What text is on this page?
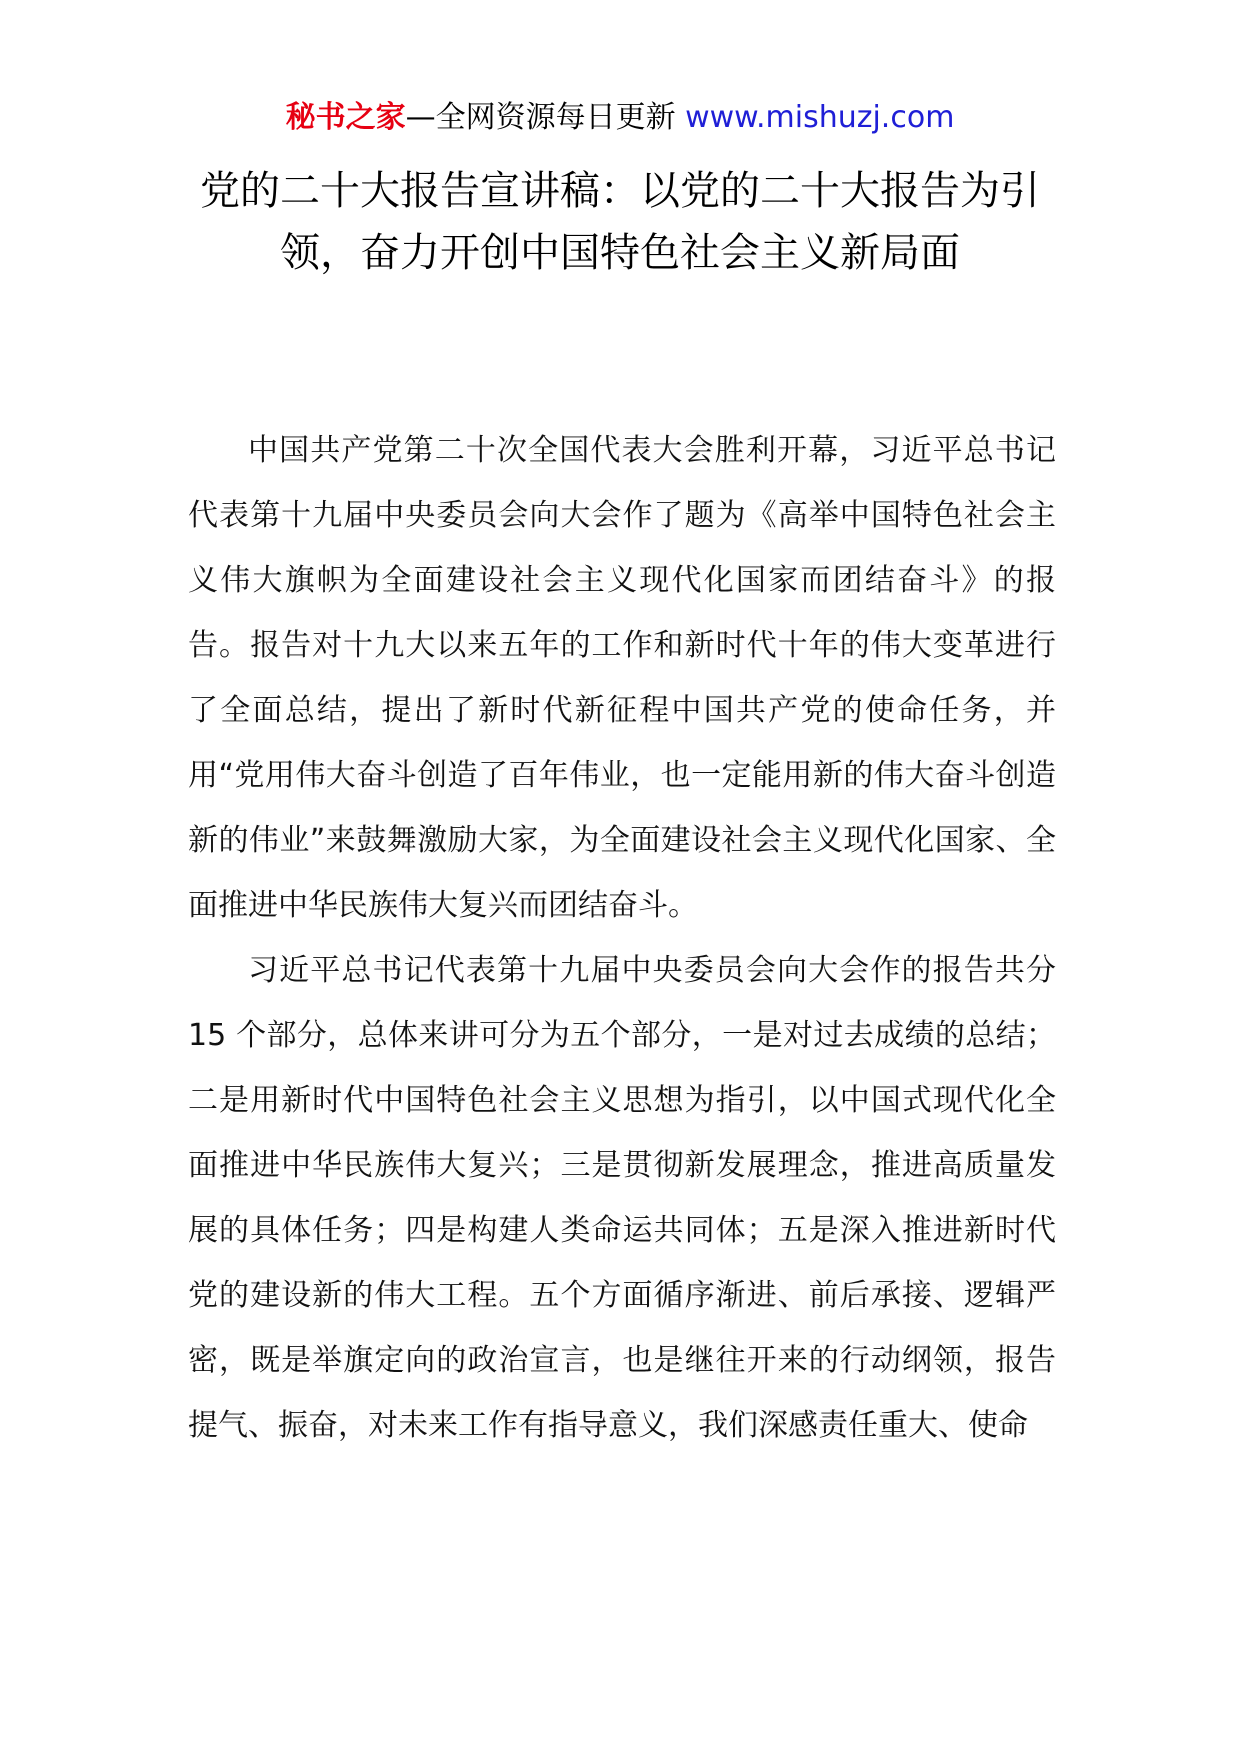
秘书之家—全网资源每日更新 www.mishuzj.com
党的二十大报告宣讲稿：以党的二十大报告为引领，奋力开创中国特色社会主义新局面

中国共产党第二十次全国代表大会胜利开幕，习近平总书记代表第十九届中央委员会向大会作了题为《高举中国特色社会主义伟大旗帜为全面建设社会主义现代化国家而团结奋斗》的报告。报告对十九大以来五年的工作和新时代十年的伟大变革进行了全面总结，提出了新时代新征程中国共产党的使命任务，并用“党用伟大奋斗创造了百年伟业，也一定能用新的伟大奋斗创造新的伟业”来鼓舞激励大家，为全面建设社会主义现代化国家、全面推进中华民族伟大复兴而团结奋斗。

习近平总书记代表第十九届中央委员会向大会作的报告共分 15 个部分，总体来讲可分为五个部分，一是对过去成绩的总结；二是用新时代中国特色社会主义思想为指引，以中国式现代化全面推进中华民族伟大复兴；三是贯彻新发展理念，推进高质量发展的具体任务；四是构建人类命运共同体；五是深入推进新时代党的建设新的伟大工程。五个方面循序渐进、前后承接、逻辑严密，既是举旗定向的政治宣言，也是继往开来的行动纲领，报告提气、振奋，对未来工作有指导意义，我们深感责任重大、使命
